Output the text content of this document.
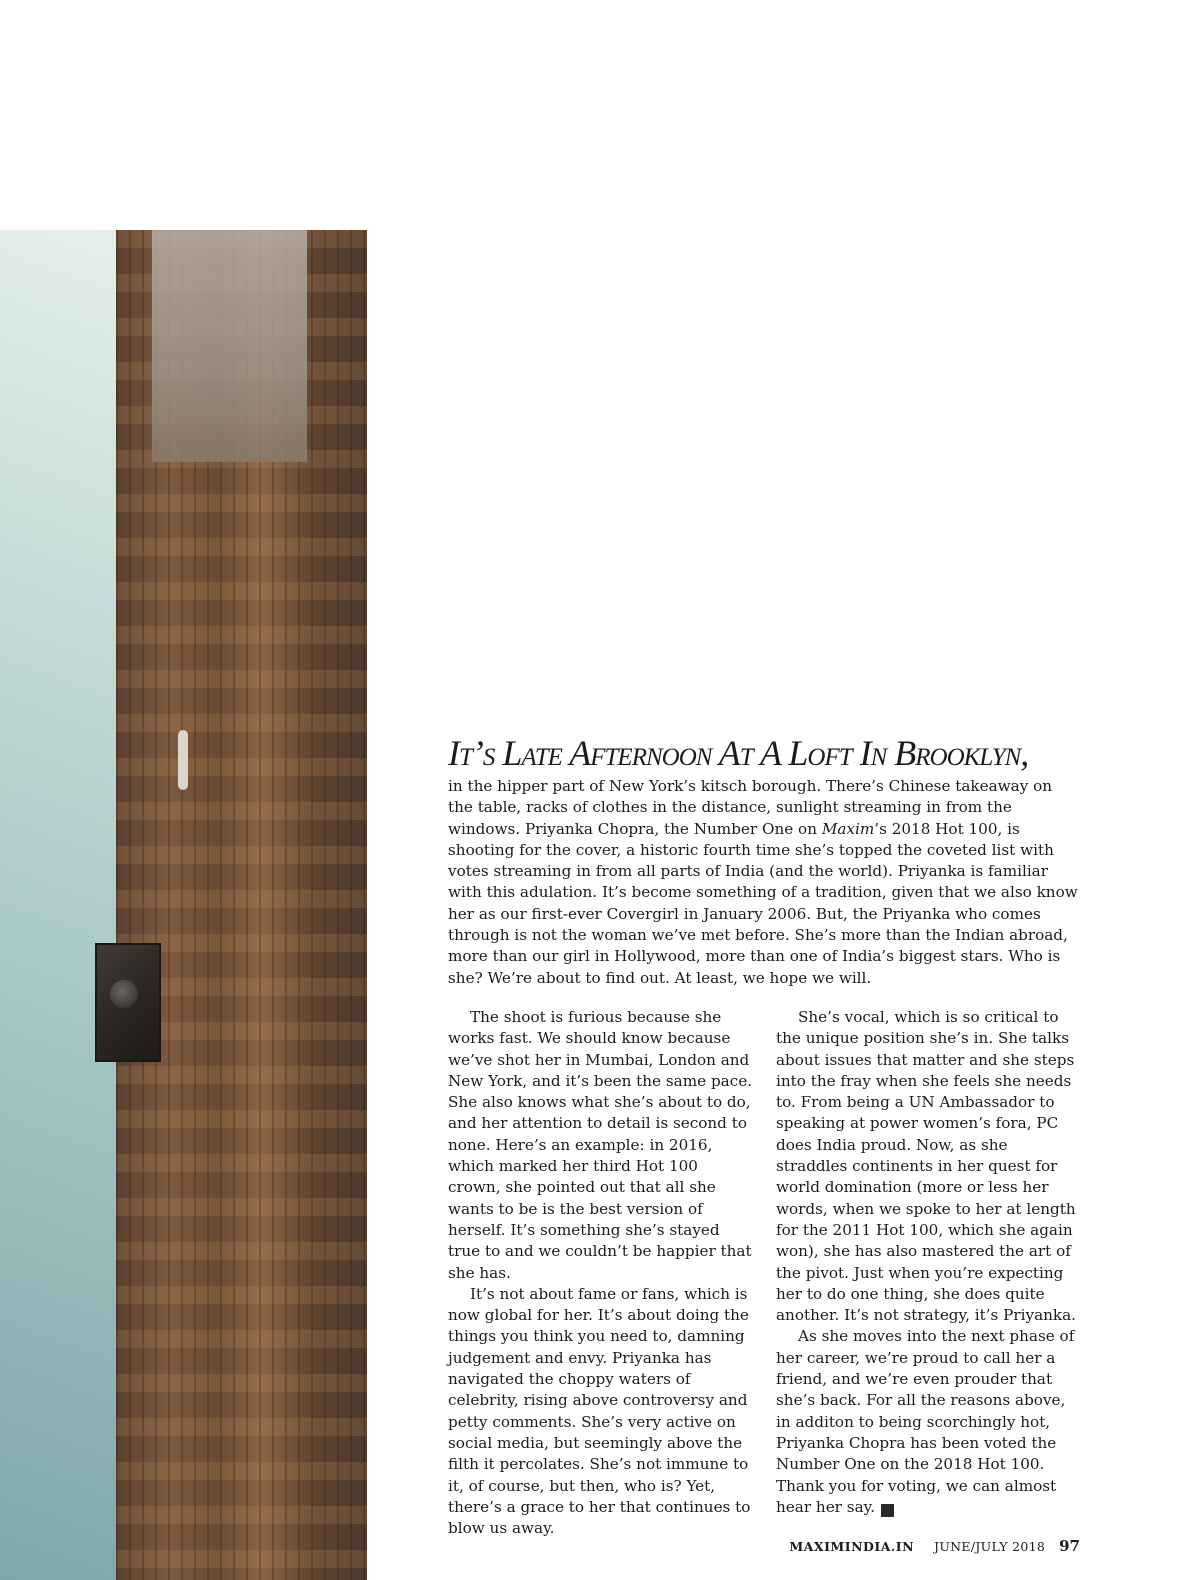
It’s Late Afternoon At A Loft In Brooklyn,

in the hipper part of New York’s kitsch borough. There’s Chinese takeaway on the table, racks of clothes in the distance, sunlight streaming in from the windows. Priyanka Chopra, the Number One on Maxim’s 2018 Hot 100, is shooting for the cover, a historic fourth time she’s topped the coveted list with votes streaming in from all parts of India (and the world). Priyanka is familiar with this adulation. It’s become something of a tradition, given that we also know her as our first-ever Covergirl in January 2006. But, the Priyanka who comes through is not the woman we’ve met before. She’s more than the Indian abroad, more than our girl in Hollywood, more than one of India’s biggest stars. Who is she? We’re about to find out. At least, we hope we will.

The shoot is furious because she works fast. We should know because we’ve shot her in Mumbai, London and New York, and it’s been the same pace. She also knows what she’s about to do, and her attention to detail is second to none. Here’s an example: in 2016, which marked her third Hot 100 crown, she pointed out that all she wants to be is the best version of herself. It’s something she’s stayed true to and we couldn’t be happier that she has.

It’s not about fame or fans, which is now global for her. It’s about doing the things you think you need to, damning judgement and envy. Priyanka has navigated the choppy waters of celebrity, rising above controversy and petty comments. She’s very active on social media, but seemingly above the filth it percolates. She’s not immune to it, of course, but then, who is? Yet, there’s a grace to her that continues to blow us away.

She’s vocal, which is so critical to the unique position she’s in. She talks about issues that matter and she steps into the fray when she feels she needs to. From being a UN Ambassador to speaking at power women’s fora, PC does India proud. Now, as she straddles continents in her quest for world domination (more or less her words, when we spoke to her at length for the 2011 Hot 100, which she again won), she has also mastered the art of the pivot. Just when you’re expecting her to do one thing, she does quite another. It’s not strategy, it’s Priyanka.

As she moves into the next phase of her career, we’re proud to call her a friend, and we’re even prouder that she’s back. For all the reasons above, in additon to being scorchingly hot, Priyanka Chopra has been voted the Number One on the 2018 Hot 100. Thank you for voting, we can almost hear her say.	M

MAXIMINDIA.IN JUNE/JULY 2018 97
